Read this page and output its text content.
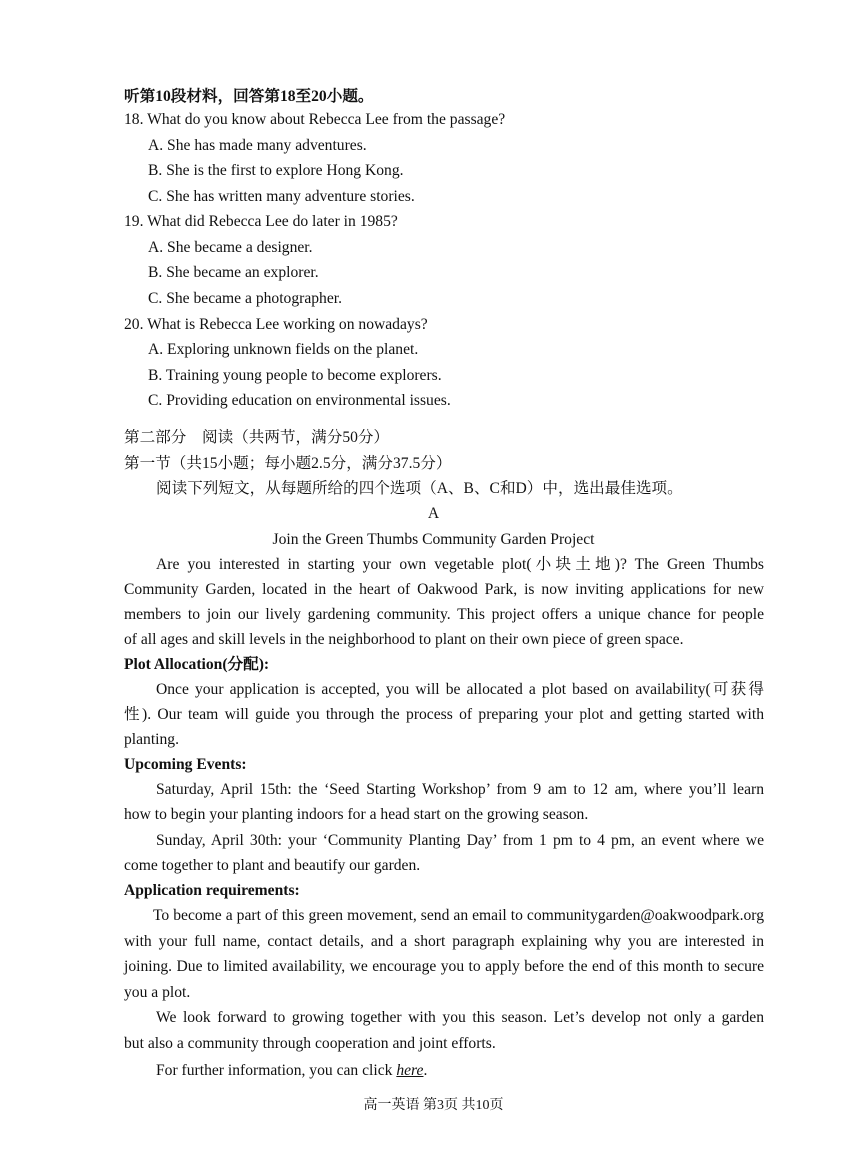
听第10段材料，回答第18至20小题。
18. What do you know about Rebecca Lee from the passage?
A. She has made many adventures.
B. She is the first to explore Hong Kong.
C. She has written many adventure stories.
19. What did Rebecca Lee do later in 1985?
A. She became a designer.
B. She became an explorer.
C. She became a photographer.
20. What is Rebecca Lee working on nowadays?
A. Exploring unknown fields on the planet.
B. Training young people to become explorers.
C. Providing education on environmental issues.
第二部分　阅读（共两节，满分50分）
第一节（共15小题；每小题2.5分，满分37.5分）
阅读下列短文，从每题所给的四个选项（A、B、C和D）中，选出最佳选项。
A
Join the Green Thumbs Community Garden Project
Are you interested in starting your own vegetable plot(小块土地)? The Green Thumbs
Community Garden, located in the heart of Oakwood Park, is now inviting applications for new
members to join our lively gardening community. This project offers a unique chance for people
of all ages and skill levels in the neighborhood to plant on their own piece of green space.
Plot Allocation(分配):
Once your application is accepted, you will be allocated a plot based on availability(可获得
性). Our team will guide you through the process of preparing your plot and getting started with
planting.
Upcoming Events:
Saturday, April 15th: the ‘Seed Starting Workshop’ from 9 am to 12 am, where you’ll learn
how to begin your planting indoors for a head start on the growing season.
Sunday, April 30th: your ‘Community Planting Day’ from 1 pm to 4 pm, an event where we
come together to plant and beautify our garden.
Application requirements:
To become a part of this green movement, send an email to communitygarden@oakwoodpark.org
with your full name, contact details, and a short paragraph explaining why you are interested in
joining. Due to limited availability, we encourage you to apply before the end of this month to secure
you a plot.
We look forward to growing together with you this season. Let’s develop not only a garden
but also a community through cooperation and joint efforts.
For further information, you can click here.
高一英语 第3页 共10页
